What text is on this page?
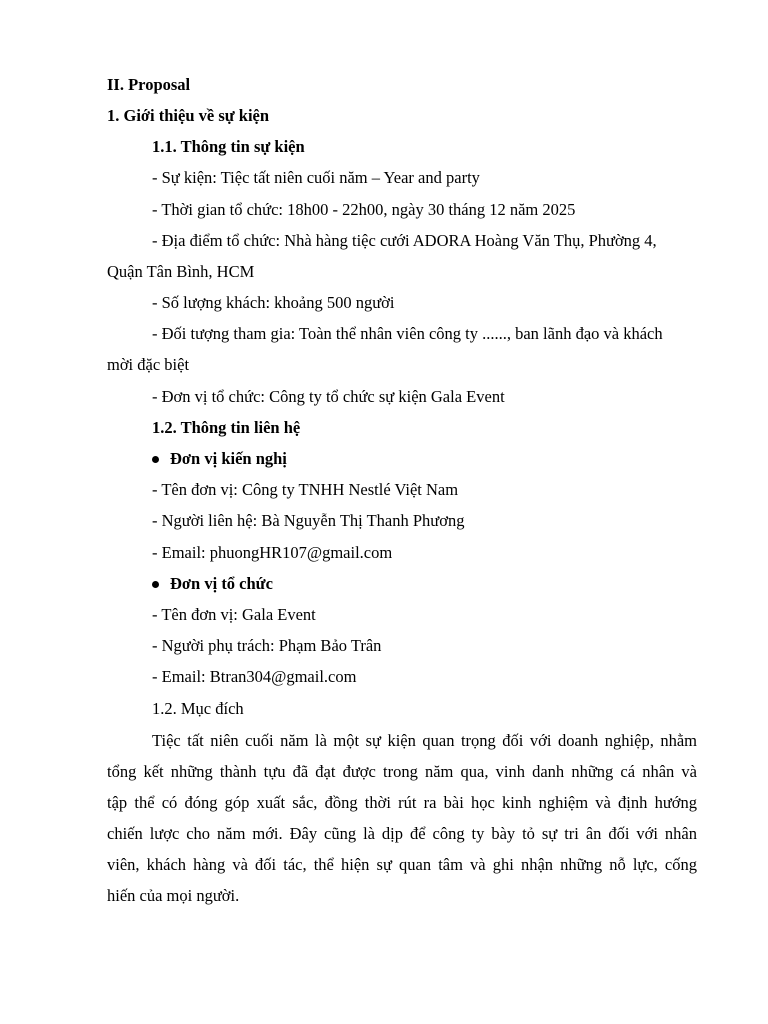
II. Proposal
1. Giới thiệu về sự kiện
1.1. Thông tin sự kiện
- Sự kiện: Tiệc tất niên cuối năm – Year and party
- Thời gian tổ chức: 18h00 - 22h00, ngày 30 tháng 12 năm 2025
- Địa điểm tổ chức: Nhà hàng tiệc cưới ADORA Hoàng Văn Thụ, Phường 4,
Quận Tân Bình, HCM
- Số lượng khách: khoảng 500 người
- Đối tượng tham gia: Toàn thể nhân viên công ty ......, ban lãnh đạo và khách
mời đặc biệt
- Đơn vị tổ chức: Công ty tổ chức sự kiện Gala Event
1.2. Thông tin liên hệ
Đơn vị kiến nghị
- Tên đơn vị: Công ty TNHH Nestlé Việt Nam
- Người liên hệ: Bà Nguyễn Thị Thanh Phương
- Email: phuongHR107@gmail.com
Đơn vị tổ chức
- Tên đơn vị: Gala Event
- Người phụ trách: Phạm Bảo Trân
- Email: Btran304@gmail.com
1.2. Mục đích
Tiệc tất niên cuối năm là một sự kiện quan trọng đối với doanh nghiệp, nhằm
tổng kết những thành tựu đã đạt được trong năm qua, vinh danh những cá nhân và
tập thể có đóng góp xuất sắc, đồng thời rút ra bài học kinh nghiệm và định hướng
chiến lược cho năm mới. Đây cũng là dịp để công ty bày tỏ sự tri ân đối với nhân
viên, khách hàng và đối tác, thể hiện sự quan tâm và ghi nhận những nỗ lực, cống
hiến của mọi người.
